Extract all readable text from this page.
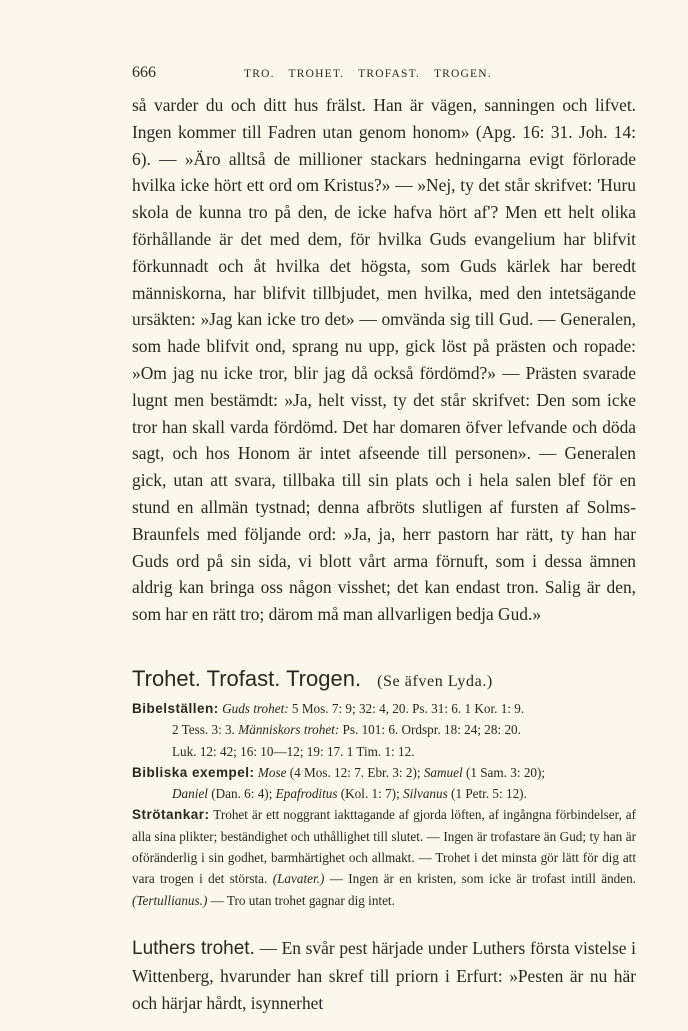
666	TRO. TROHET. TROFAST. TROGEN.

så varder du och ditt hus frälst. Han är vägen, sanningen och lifvet. Ingen kommer till Fadren utan genom honom» (Apg. 16: 31. Joh. 14: 6). — »Äro alltså de millioner stackars hedningarna evigt förlorade hvilka icke hört ett ord om Kristus?» — »Nej, ty det står skrifvet: 'Huru skola de kunna tro på den, de icke hafva hört af'? Men ett helt olika förhållande är det med dem, för hvilka Guds evangelium har blifvit förkunnadt och åt hvilka det högsta, som Guds kärlek har beredt människorna, har blifvit tillbjudet, men hvilka, med den intetsägande ursäkten: »Jag kan icke tro det» — omvända sig till Gud. — Generalen, som hade blifvit ond, sprang nu upp, gick löst på prästen och ropade: »Om jag nu icke tror, blir jag då också fördömd?» — Prästen svarade lugnt men bestämdt: »Ja, helt visst, ty det står skrifvet: Den som icke tror han skall varda fördömd. Det har domaren öfver lefvande och döda sagt, och hos Honom är intet afseende till personen». — Generalen gick, utan att svara, tillbaka till sin plats och i hela salen blef för en stund en allmän tystnad; denna afbröts slutligen af fursten af Solms-Braunfels med följande ord: »Ja, ja, herr pastorn har rätt, ty han har Guds ord på sin sida, vi blott vårt arma förnuft, som i dessa ämnen aldrig kan bringa oss någon visshet; det kan endast tron. Salig är den, som har en rätt tro; därom må man allvarligen bedja Gud.»

Trohet. Trofast. Trogen. (Se äfven Lyda.)

Bibelställen: Guds trohet: 5 Mos. 7: 9; 32: 4, 20. Ps. 31: 6. 1 Kor. 1: 9.
2 Tess. 3: 3. Människors trohet: Ps. 101: 6. Ordspr. 18: 24; 28: 20.
Luk. 12: 42; 16: 10—12; 19: 17. 1 Tim. 1: 12.

Bibliska exempel: Mose (4 Mos. 12: 7. Ebr. 3: 2); Samuel (1 Sam. 3: 20);
Daniel (Dan. 6: 4); Epafroditus (Kol. 1: 7); Silvanus (1 Petr. 5: 12).

Strötankar: Trohet är ett noggrant iakttagande af gjorda löften, af ingångna förbindelser, af alla sina plikter; beständighet och uthållighet till slutet. — Ingen är trofastare än Gud; ty han är oföränderlig i sin godhet, barmhärtighet och allmakt. — Trohet i det minsta gör lätt för dig att vara trogen i det största. (Lavater.) — Ingen är en kristen, som icke är trofast intill änden. (Tertullianus.) — Tro utan trohet gagnar dig intet.

Luthers trohet. — En svår pest härjade under Luthers första vistelse i Wittenberg, hvarunder han skref till priorn i Erfurt: »Pesten är nu här och härjar hårdt, isynnerhet
